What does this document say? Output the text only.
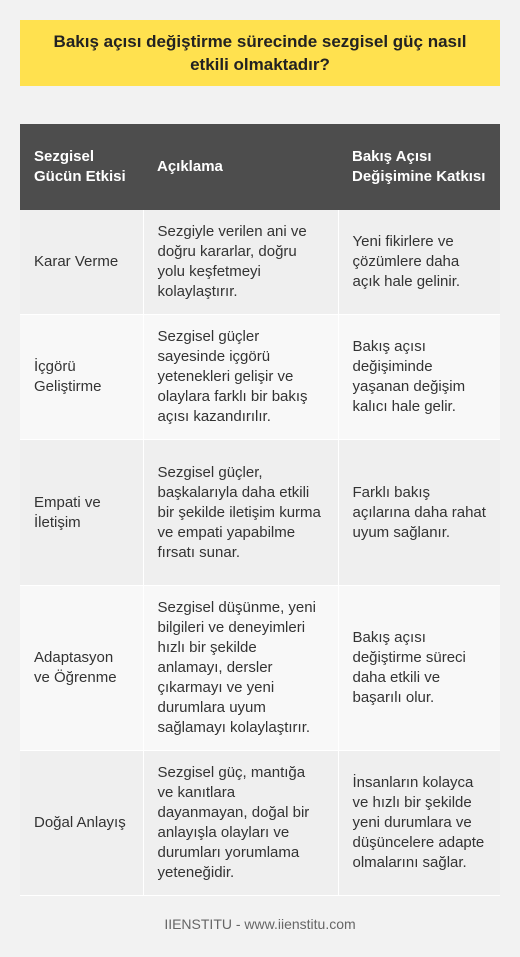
Bakış açısı değiştirme sürecinde sezgisel güç nasıl etkili olmaktadır?
Sezgisel Gücün Etkisi	Açıklama	Bakış Açısı Değişimine Katkısı
Karar Verme	Sezgiyle verilen ani ve doğru kararlar, doğru yolu keşfetmeyi kolaylaştırır.	Yeni fikirlere ve çözümlere daha açık hale gelinir.
İçgörü Geliştirme	Sezgisel güçler sayesinde içgörü yetenekleri gelişir ve olaylara farklı bir bakış açısı kazandırılır.	Bakış açısı değişiminde yaşanan değişim kalıcı hale gelir.
Empati ve İletişim	Sezgisel güçler, başkalarıyla daha etkili bir şekilde iletişim kurma ve empati yapabilme fırsatı sunar.	Farklı bakış açılarına daha rahat uyum sağlanır.
Adaptasyon ve Öğrenme	Sezgisel düşünme, yeni bilgileri ve deneyimleri hızlı bir şekilde anlamayı, dersler çıkarmayı ve yeni durumlara uyum sağlamayı kolaylaştırır.	Bakış açısı değiştirme süreci daha etkili ve başarılı olur.
Doğal Anlayış	Sezgisel güç, mantığa ve kanıtlara dayanmayan, doğal bir anlayışla olayları ve durumları yorumlama yeteneğidir.	İnsanların kolayca ve hızlı bir şekilde yeni durumlara ve düşüncelere adapte olmalarını sağlar.
IIENSTITU - www.iienstitu.com
